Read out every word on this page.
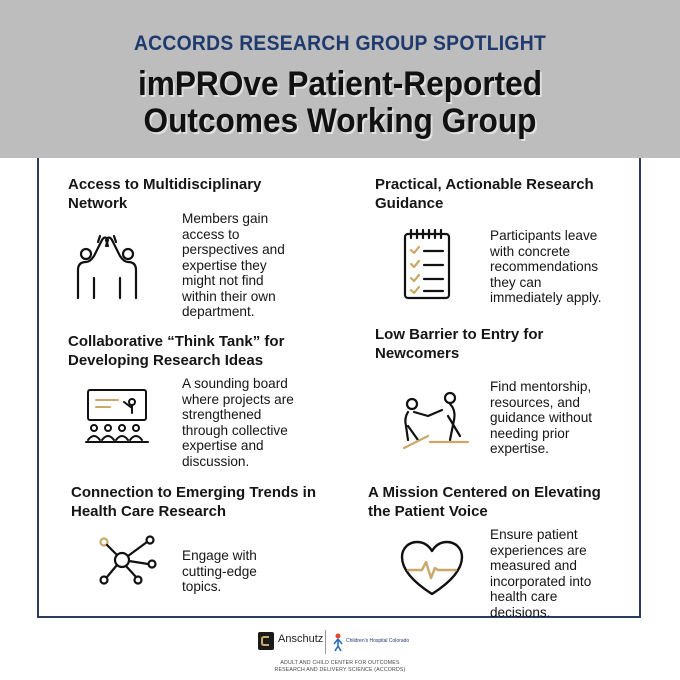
ACCORDS RESEARCH GROUP SPOTLIGHT
imPROve Patient-Reported
Outcomes Working Group
Access to Multidisciplinary
Network
Members gain
access to
perspectives and
expertise they
might not find
within their own
department.
Practical, Actionable Research
Guidance
Participants leave
with concrete
recommendations
they can
immediately apply.
Collaborative “Think Tank” for
Developing Research Ideas
A sounding board
where projects are
strengthened
through collective
expertise and
discussion.
Low Barrier to Entry for
Newcomers
Find mentorship,
resources, and
guidance without
needing prior
expertise.
Connection to Emerging Trends in
Health Care Research
Engage with
cutting-edge
topics.
A Mission Centered on Elevating
the Patient Voice
Ensure patient
experiences are
measured and
incorporated into
health care
decisions.
Anschutz	Children's Hospital Colorado
ADULT AND CHILD CENTER FOR OUTCOMES
RESEARCH AND DELIVERY SCIENCE (ACCORDS)
